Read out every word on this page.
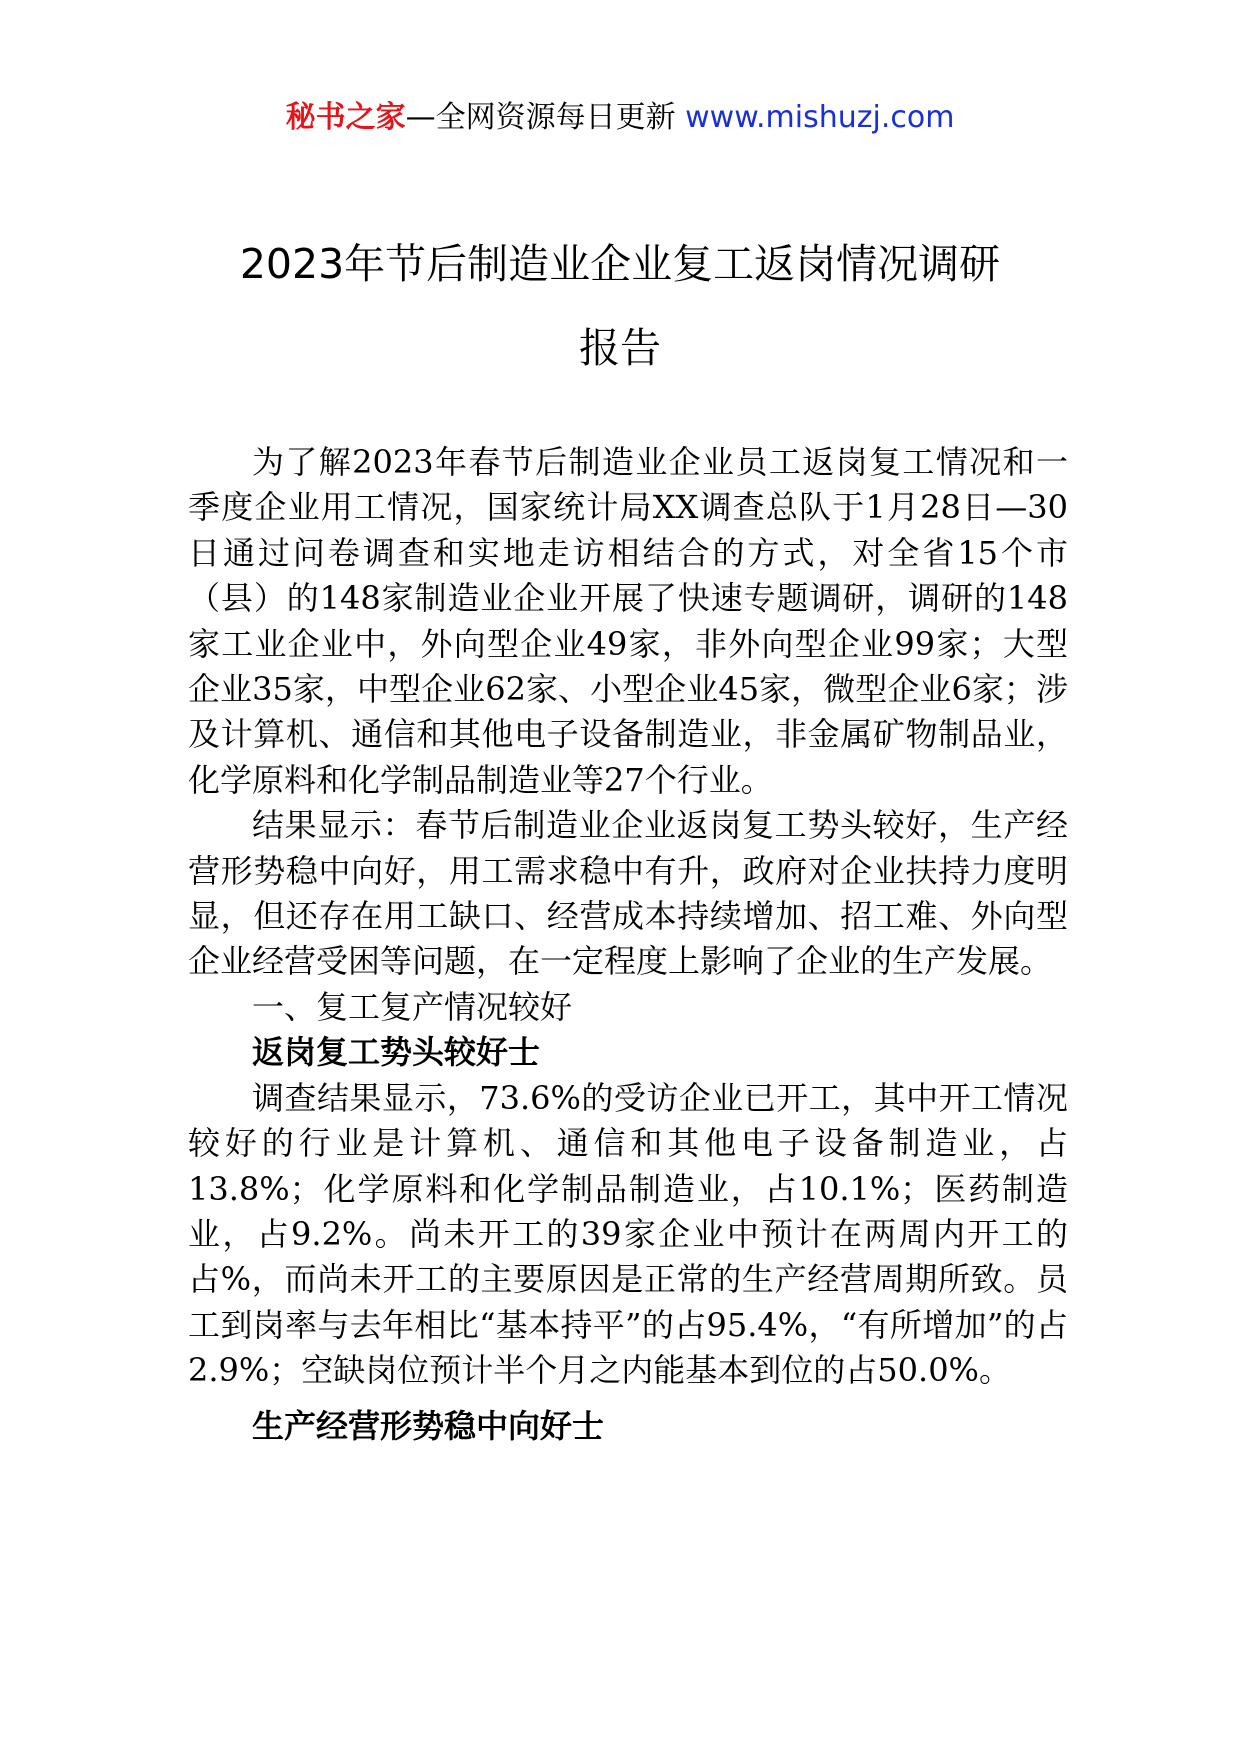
秘书之家—全网资源每日更新 www.mishuzj.com
2023年节后制造业企业复工返岗情况调研
报告

为了解2023年春节后制造业企业员工返岗复工情况和一季度企业用工情况，国家统计局XX调查总队于1月28日—30日通过问卷调查和实地走访相结合的方式，对全省15个市（县）的148家制造业企业开展了快速专题调研，调研的148家工业企业中，外向型企业49家，非外向型企业99家；大型企业35家，中型企业62家、小型企业45家，微型企业6家；涉及计算机、通信和其他电子设备制造业，非金属矿物制品业，化学原料和化学制品制造业等27个行业。

结果显示：春节后制造业企业返岗复工势头较好，生产经营形势稳中向好，用工需求稳中有升，政府对企业扶持力度明显，但还存在用工缺口、经营成本持续增加、招工难、外向型企业经营受困等问题，在一定程度上影响了企业的生产发展。

一、复工复产情况较好

返岗复工势头较好士

调查结果显示，73.6%的受访企业已开工，其中开工情况较好的行业是计算机、通信和其他电子设备制造业，占13.8%；化学原料和化学制品制造业，占10.1%；医药制造业，占9.2%。尚未开工的39家企业中预计在两周内开工的占%，而尚未开工的主要原因是正常的生产经营周期所致。员工到岗率与去年相比“基本持平”的占95.4%，“有所增加”的占2.9%；空缺岗位预计半个月之内能基本到位的占50.0%。

生产经营形势稳中向好士
